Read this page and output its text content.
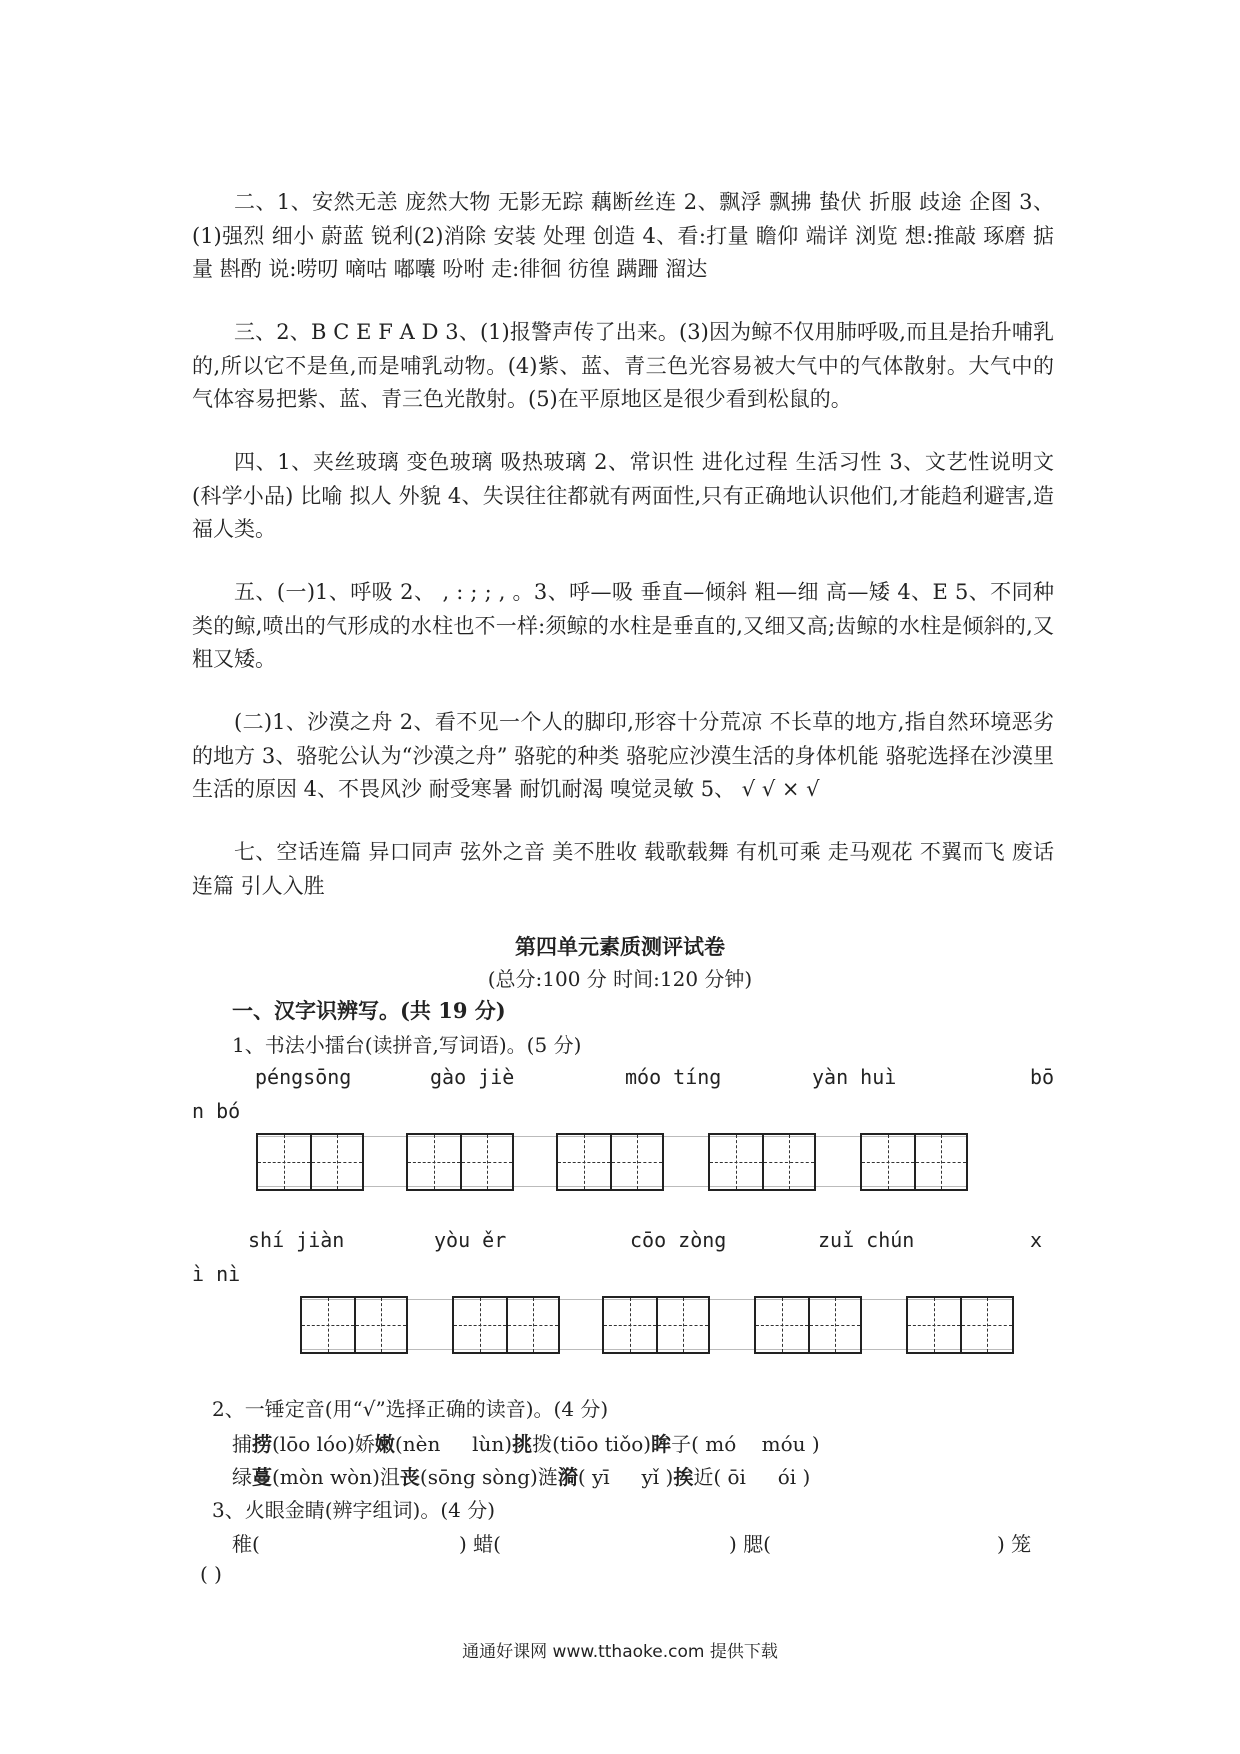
二、1、安然无恙 庞然大物 无影无踪 藕断丝连 2、飘浮 飘拂 蛰伏 折服 歧途 企图 3、(1)强烈 细小 蔚蓝 锐利(2)消除 安装 处理 创造 4、看:打量 瞻仰 端详 浏览 想:推敲 琢磨 掂量 斟酌 说:唠叨 嘀咕 嘟囔 吩咐 走:徘徊 彷徨 蹒跚 溜达

三、2、B C E F A D 3、(1)报警声传了出来。(3)因为鲸不仅用肺呼吸,而且是抬升哺乳的,所以它不是鱼,而是哺乳动物。(4)紫、蓝、青三色光容易被大气中的气体散射。大气中的气体容易把紫、蓝、青三色光散射。(5)在平原地区是很少看到松鼠的。

四、1、夹丝玻璃 变色玻璃 吸热玻璃 2、常识性 进化过程 生活习性 3、文艺性说明文(科学小品) 比喻 拟人 外貌 4、失误往往都就有两面性,只有正确地认识他们,才能趋利避害,造福人类。

五、(一)1、呼吸 2、 , : ; ; , 。3、呼—吸 垂直—倾斜 粗—细 高—矮 4、E 5、不同种类的鲸,喷出的气形成的水柱也不一样:须鲸的水柱是垂直的,又细又高;齿鲸的水柱是倾斜的,又粗又矮。

(二)1、沙漠之舟 2、看不见一个人的脚印,形容十分荒凉 不长草的地方,指自然环境恶劣的地方 3、骆驼公认为“沙漠之舟” 骆驼的种类 骆驼应沙漠生活的身体机能 骆驼选择在沙漠里生活的原因 4、不畏风沙 耐受寒暑 耐饥耐渴 嗅觉灵敏 5、 √ √ × √

七、空话连篇 异口同声 弦外之音 美不胜收 载歌载舞 有机可乘 走马观花 不翼而飞 废话连篇 引人入胜

第四单元素质测评试卷
(总分:100 分 时间:120 分钟)
一、汉字识辨写。(共 19 分)
1、书法小擂台(读拼音,写词语)。(5 分)
péngsōng	gào jiè	móo tíng	yàn huì	bō
n bó
shí jiàn	yòu ěr	cōo zòng	zuǐ chún	x
ì nì
2、一锤定音(用“√”选择正确的读音)。(4 分)
捕捞(lōo lóo)娇嫩(nèn     lùn)挑拨(tiōo tiǒo)眸子( mó    móu )
绿蔓(mòn wòn)沮丧(sōng sòng)涟漪( yī     yǐ )挨近( ōi     ói )
3、火眼金睛(辨字组词)。(4 分)
稚(	) 蜡(	) 腮(	) 笼
( )
通通好课网 www.tthaoke.com 提供下载
